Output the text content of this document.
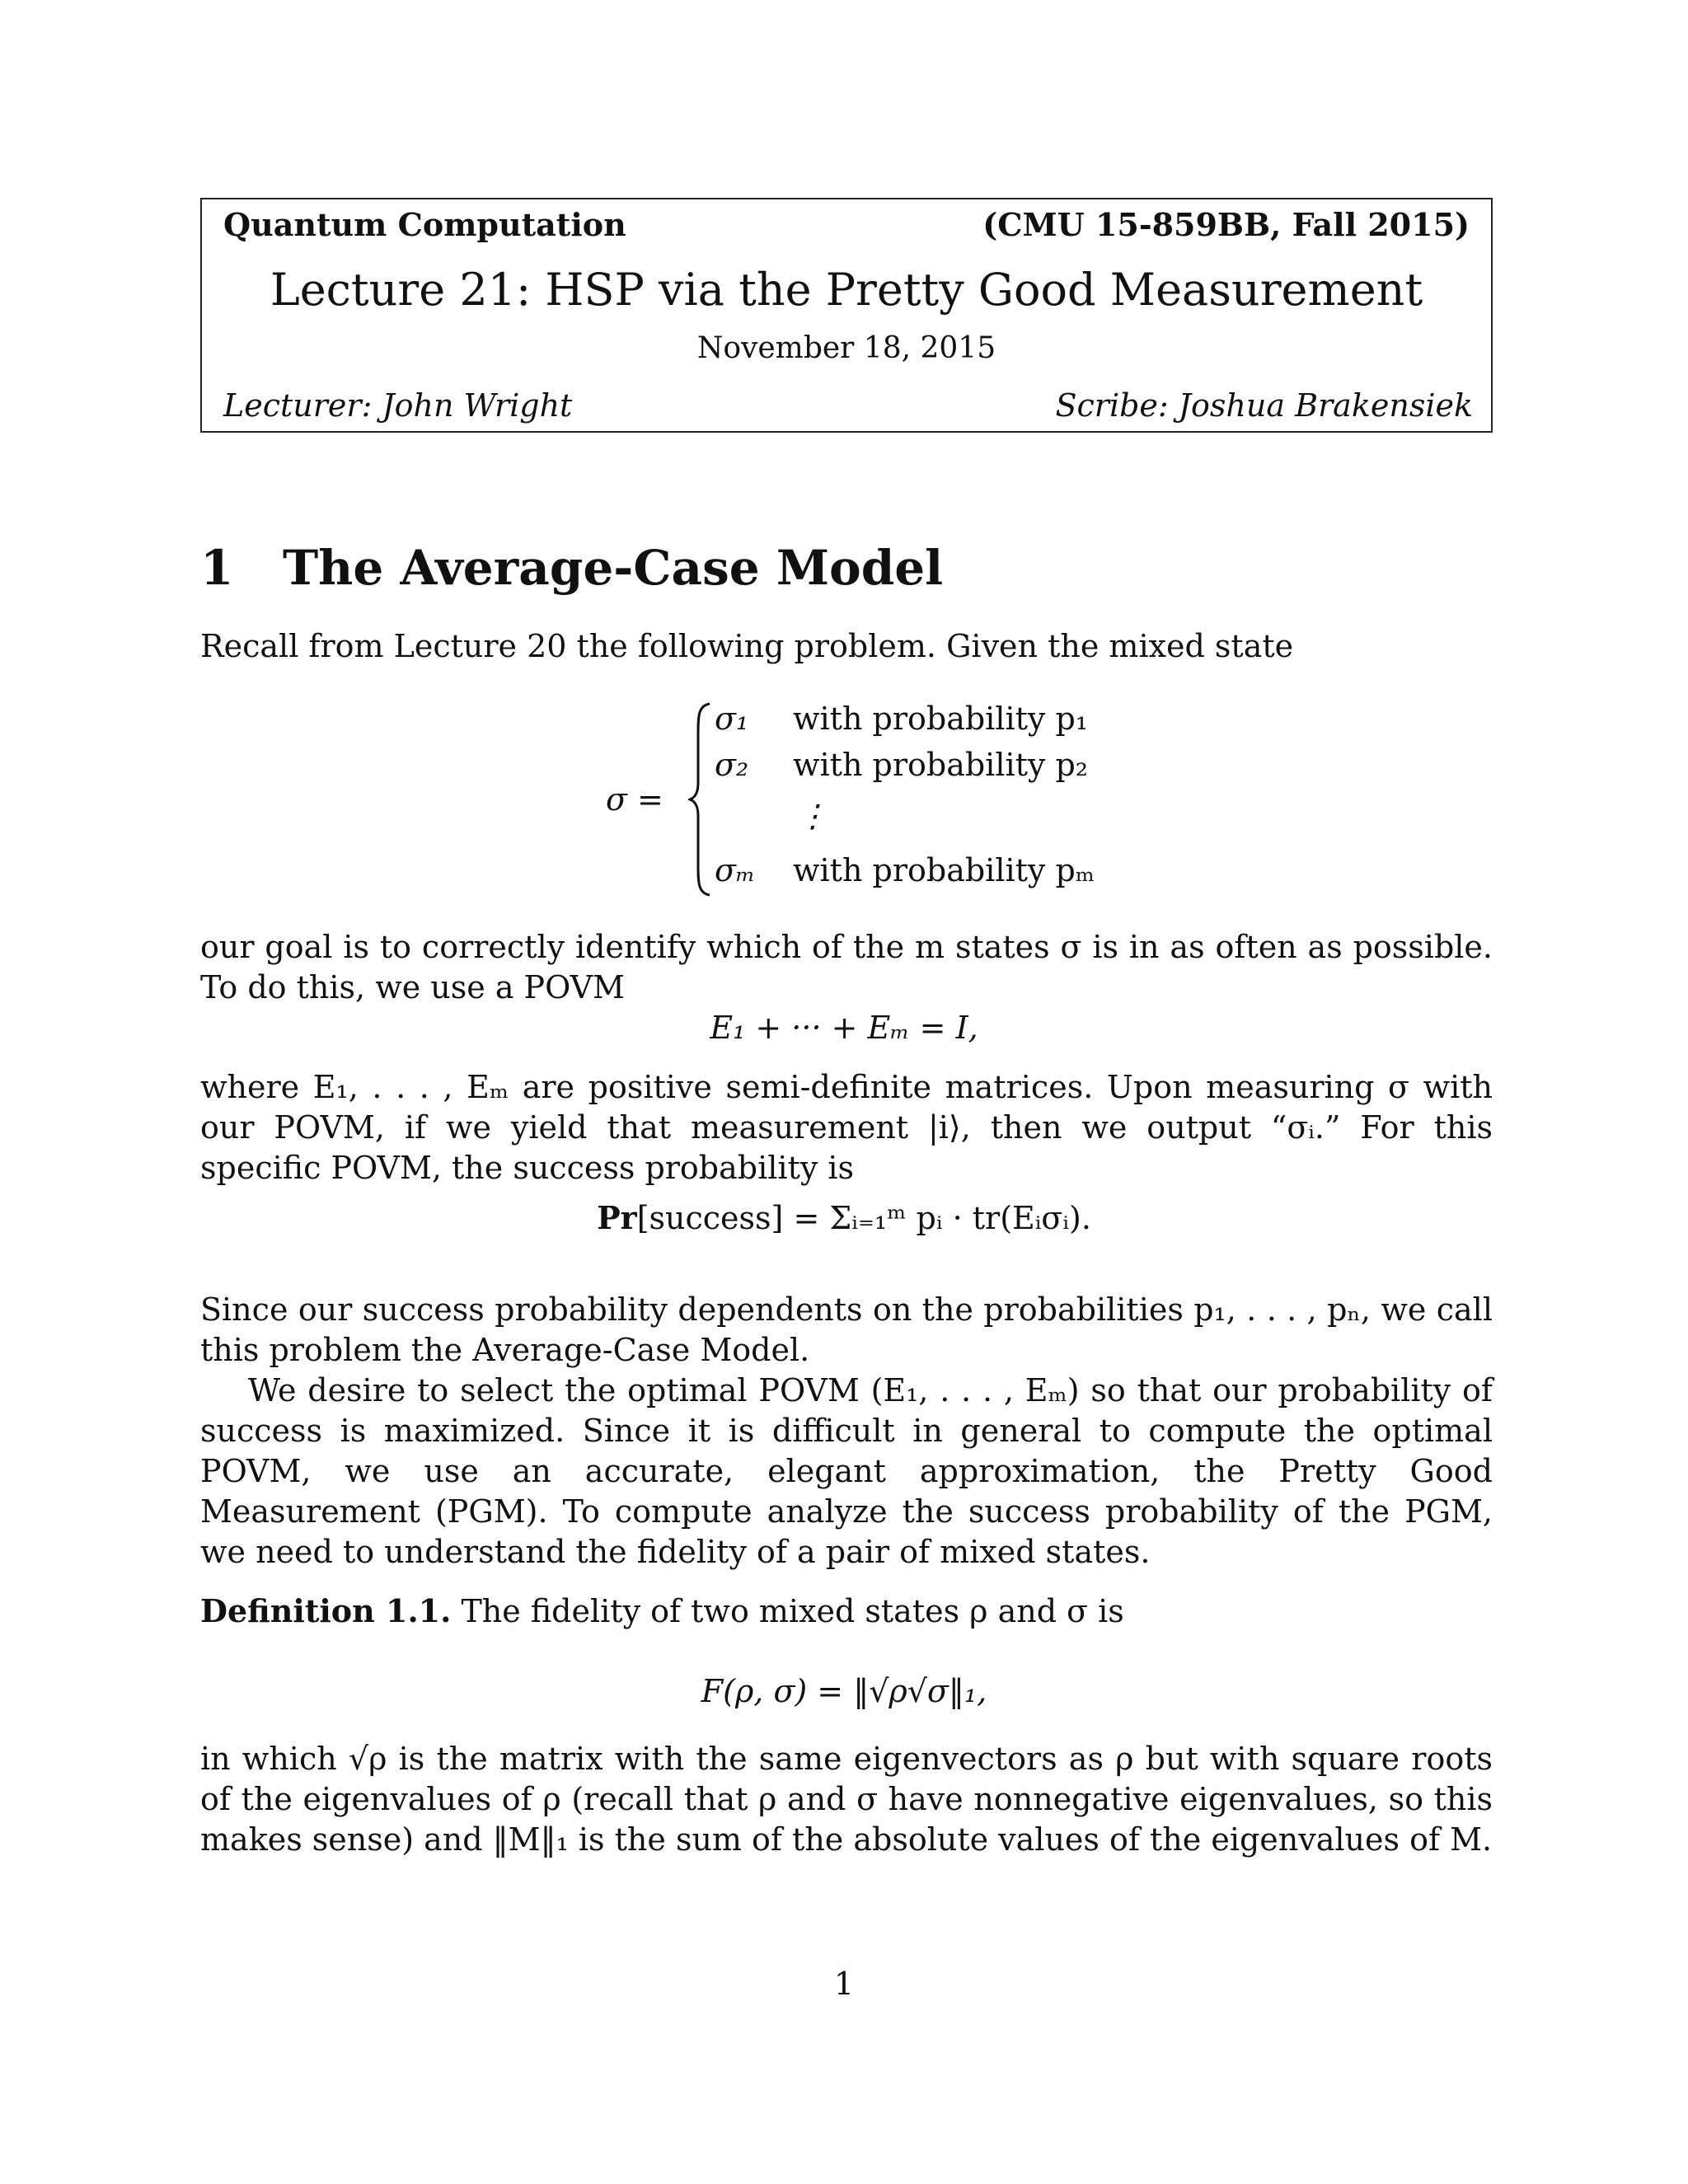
Quantum Computation	(CMU 15-859BB, Fall 2015)
Lecture 21: HSP via the Pretty Good Measurement
November 18, 2015
Lecturer: John Wright	Scribe: Joshua Brakensiek
1 The Average-Case Model
Recall from Lecture 20 the following problem. Given the mixed state
σ =
σ₁ with probability p₁
σ₂ with probability p₂
⋮
σₘ with probability pₘ
our goal is to correctly identify which of the m states σ is in as often as possible. To do this, we use a POVM
E₁ + ··· + Eₘ = I,
where E₁, . . . , Eₘ are positive semi-definite matrices. Upon measuring σ with our POVM, if we yield that measurement |i⟩, then we output “σᵢ.” For this specific POVM, the success probability is
Pr[success] = Σᵢ₌₁ᵐ pᵢ · tr(Eᵢσᵢ).
Since our success probability dependents on the probabilities p₁, . . . , pₙ, we call this problem the Average-Case Model.
We desire to select the optimal POVM (E₁, . . . , Eₘ) so that our probability of success is maximized. Since it is difficult in general to compute the optimal POVM, we use an accurate, elegant approximation, the Pretty Good Measurement (PGM). To compute analyze the success probability of the PGM, we need to understand the fidelity of a pair of mixed states.
Definition 1.1. The fidelity of two mixed states ρ and σ is
F(ρ, σ) = ‖√ρ√σ‖₁,
in which √ρ is the matrix with the same eigenvectors as ρ but with square roots of the eigenvalues of ρ (recall that ρ and σ have nonnegative eigenvalues, so this makes sense) and ‖M‖₁ is the sum of the absolute values of the eigenvalues of M.
1
